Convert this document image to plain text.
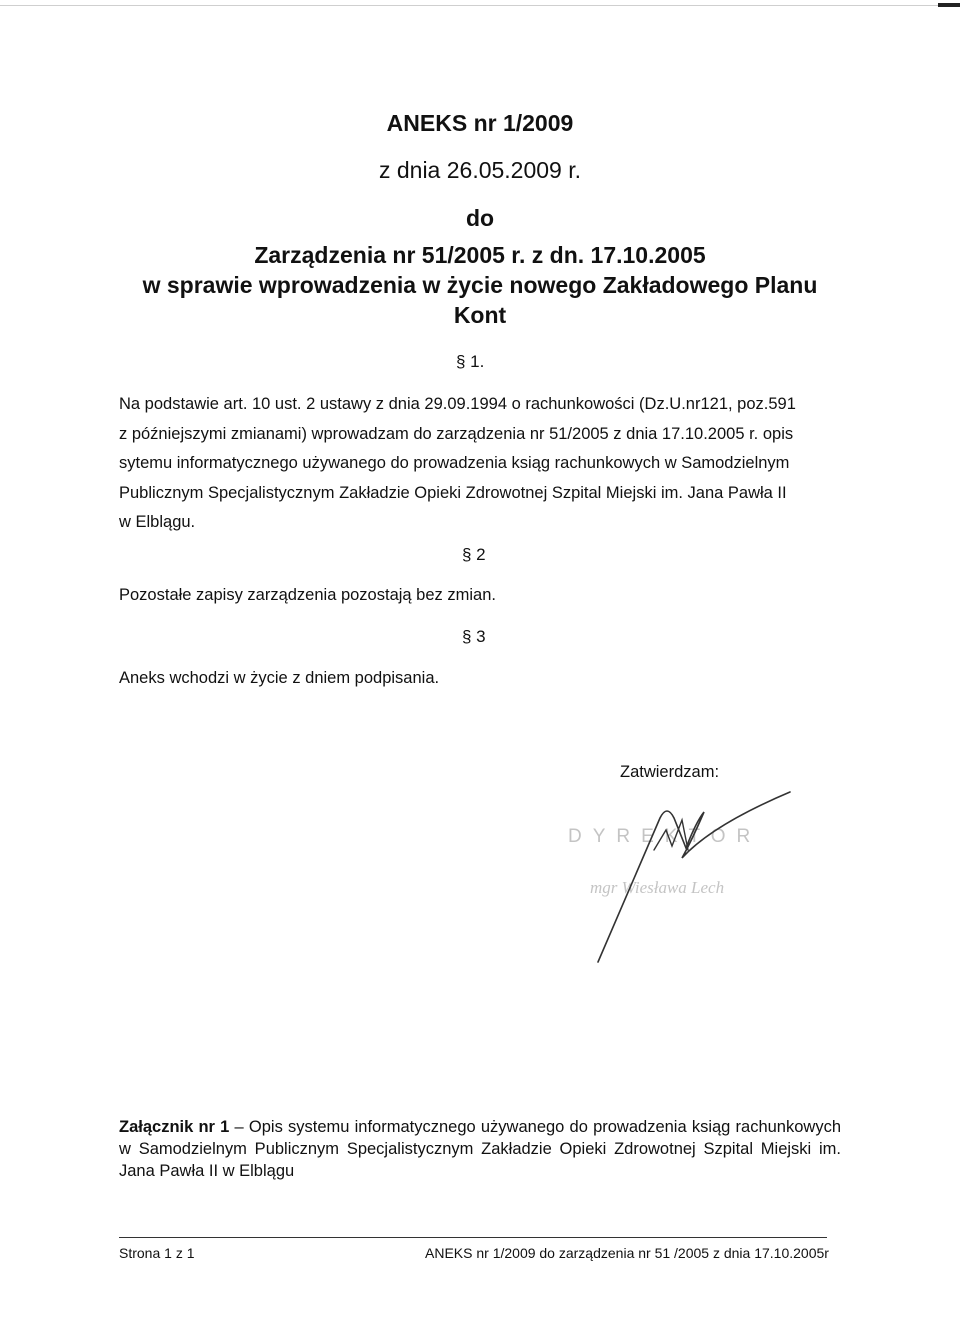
ANEKS nr 1/2009
z dnia 26.05.2009 r.
do
Zarządzenia nr 51/2005 r. z dn. 17.10.2005
w sprawie wprowadzenia w życie nowego Zakładowego Planu
Kont
§ 1.
Na podstawie art. 10 ust. 2 ustawy z dnia 29.09.1994 o rachunkowości (Dz.U.nr121, poz.591
z późniejszymi zmianami) wprowadzam do zarządzenia nr 51/2005 z dnia 17.10.2005 r. opis
sytemu informatycznego używanego do prowadzenia ksiąg rachunkowych w Samodzielnym
Publicznym Specjalistycznym Zakładzie Opieki Zdrowotnej Szpital Miejski im. Jana Pawła II
w Elblągu.
§ 2
Pozostałe zapisy zarządzenia pozostają bez zmian.
§ 3
Aneks wchodzi w życie z dniem podpisania.
Zatwierdzam:
DYREKTOR
mgr Wiesława Lech
Załącznik nr 1 – Opis systemu informatycznego używanego do prowadzenia ksiąg rachunkowych w Samodzielnym Publicznym Specjalistycznym Zakładzie Opieki Zdrowotnej Szpital Miejski im. Jana Pawła II w Elblągu
Strona 1 z 1	ANEKS nr 1/2009 do zarządzenia nr 51 /2005 z dnia 17.10.2005r
